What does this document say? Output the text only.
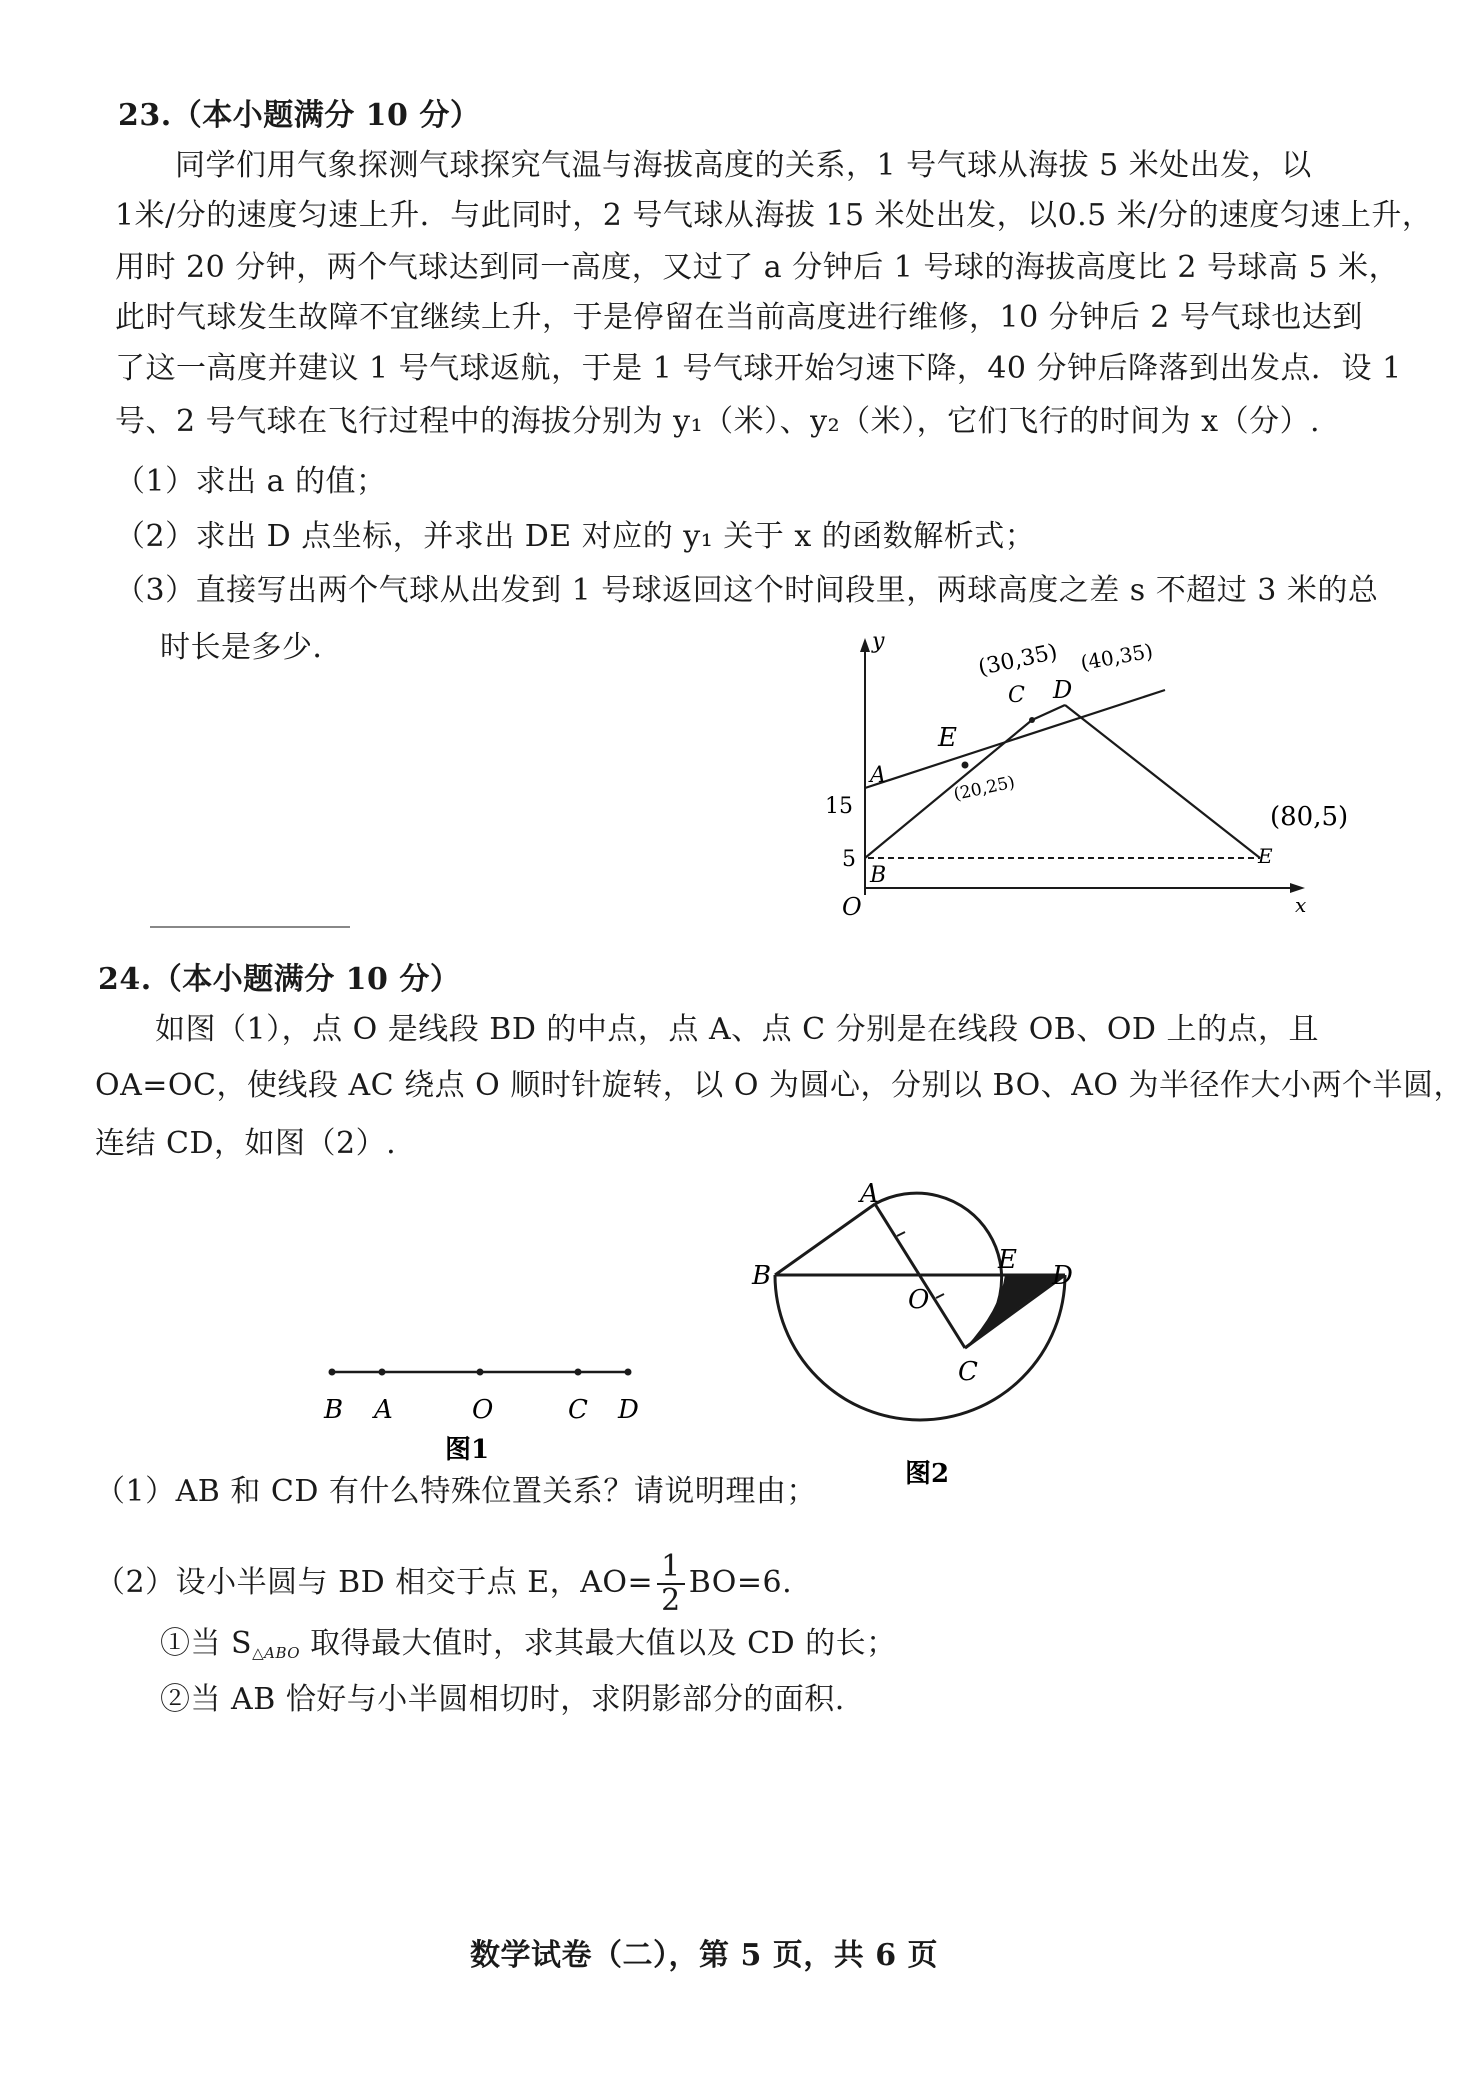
23.（本小题满分 10 分）
同学们用气象探测气球探究气温与海拔高度的关系，1 号气球从海拔 5 米处出发，以
1米/分的速度匀速上升．与此同时，2 号气球从海拔 15 米处出发，以0.5 米/分的速度匀速上升，
用时 20 分钟，两个气球达到同一高度，又过了 a 分钟后 1 号球的海拔高度比 2 号球高 5 米，
此时气球发生故障不宜继续上升，于是停留在当前高度进行维修，10 分钟后 2 号气球也达到
了这一高度并建议 1 号气球返航，于是 1 号气球开始匀速下降，40 分钟后降落到出发点．设 1
号、2 号气球在飞行过程中的海拔分别为 y₁（米）、y₂（米），它们飞行的时间为 x（分）.
（1）求出 a 的值；
（2）求出 D 点坐标，并求出 DE 对应的 y₁ 关于 x 的函数解析式；
（3）直接写出两个气球从出发到 1 号球返回这个时间段里，两球高度之差 s 不超过 3 米的总
时长是多少．	y
x
O
15
5
A
B
C D
E
E
(30,35) (40,35)
(20,25)
(80,5)
24.（本小题满分 10 分）
如图（1），点 O 是线段 BD 的中点，点 A、点 C 分别是在线段 OB、OD 上的点，且
OA=OC，使线段 AC 绕点 O 顺时针旋转，以 O 为圆心，分别以 BO、AO 为半径作大小两个半圆，
连结 CD，如图（2）.
B A	O	C D
图1
A
B
O
E
D
C
图2
（1）AB 和 CD 有什么特殊位置关系？请说明理由；
（2）设小半圆与 BD 相交于点 E，$AO= \frac{1}{2} BO=6$.
①当 S△ABO 取得最大值时，求其最大值以及 CD 的长；
②当 AB 恰好与小半圆相切时，求阴影部分的面积.
数学试卷（二），第 5 页，共 6 页
